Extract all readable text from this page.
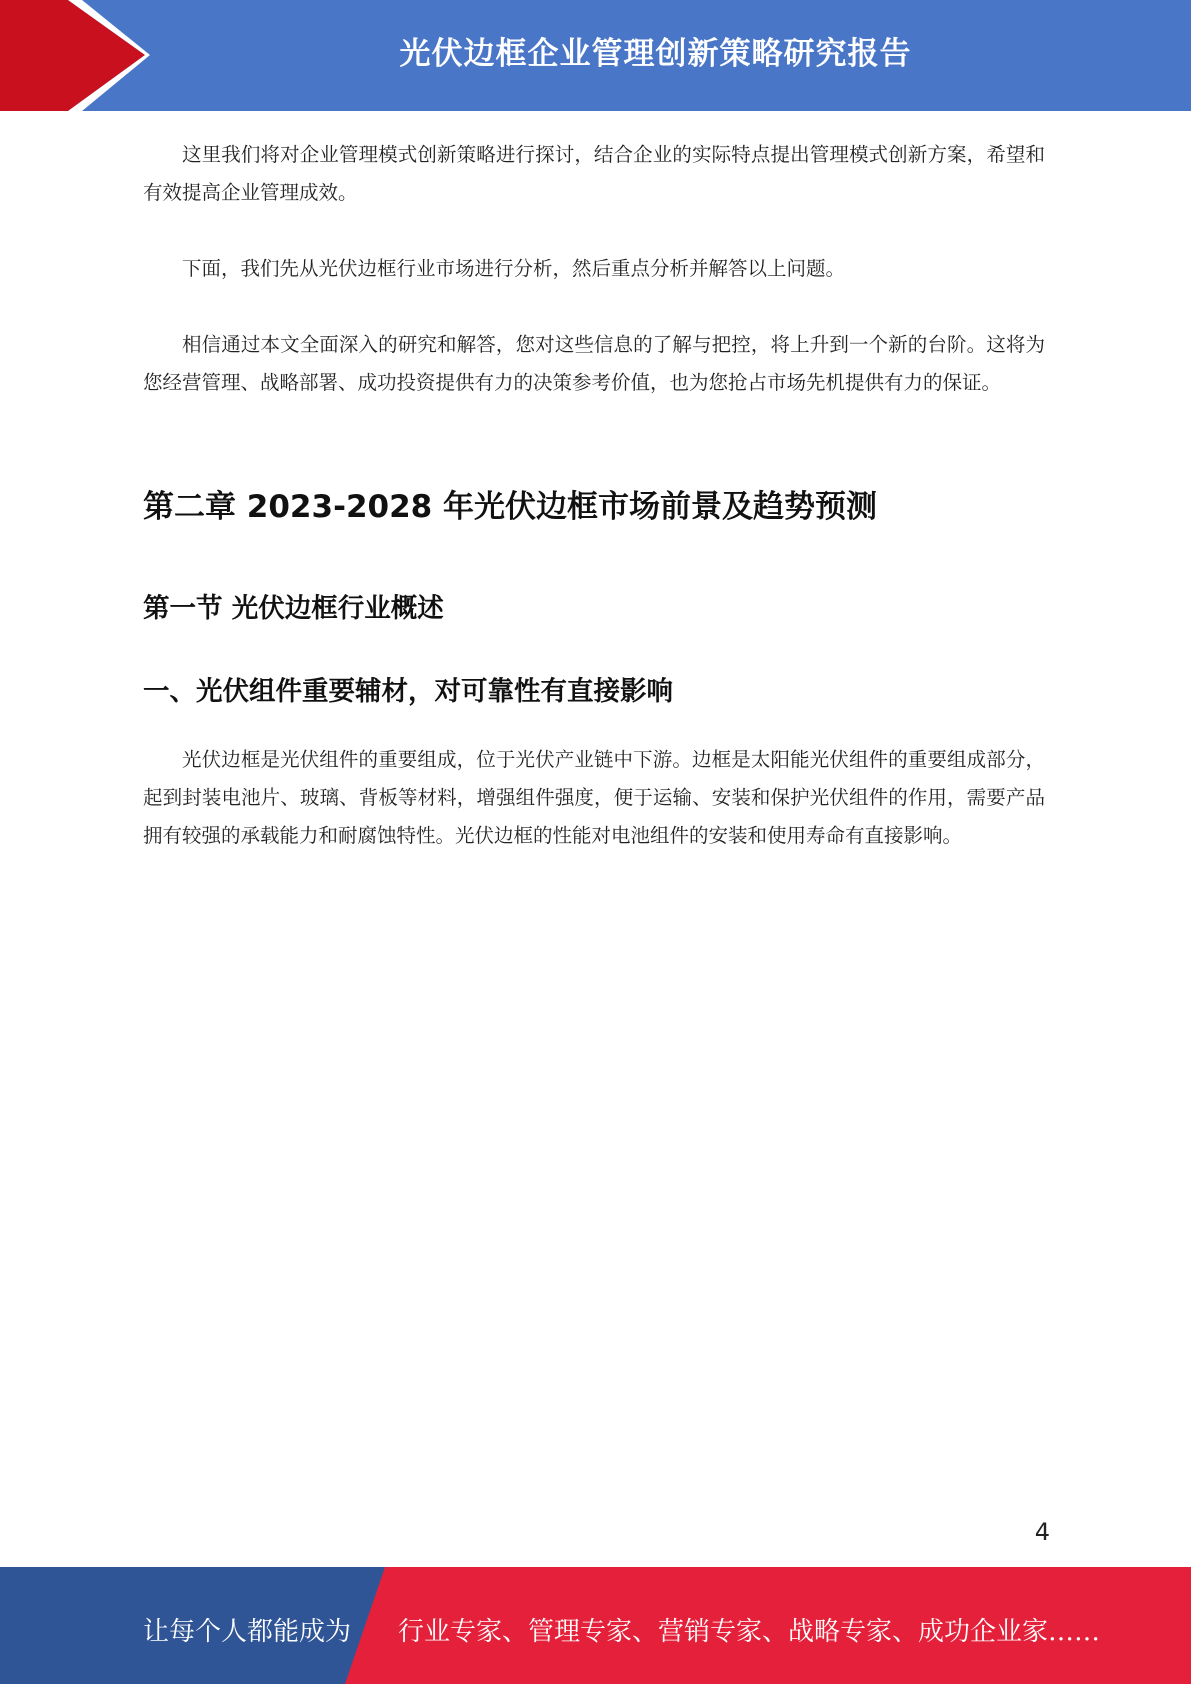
光伏边框企业管理创新策略研究报告

这里我们将对企业管理模式创新策略进行探讨，结合企业的实际特点提出管理模式创新方案，希望和有效提高企业管理成效。

下面，我们先从光伏边框行业市场进行分析，然后重点分析并解答以上问题。

相信通过本文全面深入的研究和解答，您对这些信息的了解与把控，将上升到一个新的台阶。这将为您经营管理、战略部署、成功投资提供有力的决策参考价值，也为您抢占市场先机提供有力的保证。

第二章 2023-2028 年光伏边框市场前景及趋势预测
第一节 光伏边框行业概述
一、光伏组件重要辅材，对可靠性有直接影响

光伏边框是光伏组件的重要组成，位于光伏产业链中下游。边框是太阳能光伏组件的重要组成部分，起到封装电池片、玻璃、背板等材料，增强组件强度，便于运输、安装和保护光伏组件的作用，需要产品拥有较强的承载能力和耐腐蚀特性。光伏边框的性能对电池组件的安装和使用寿命有直接影响。

4
让每个人都能成为 行业专家、管理专家、营销专家、战略专家、成功企业家……
